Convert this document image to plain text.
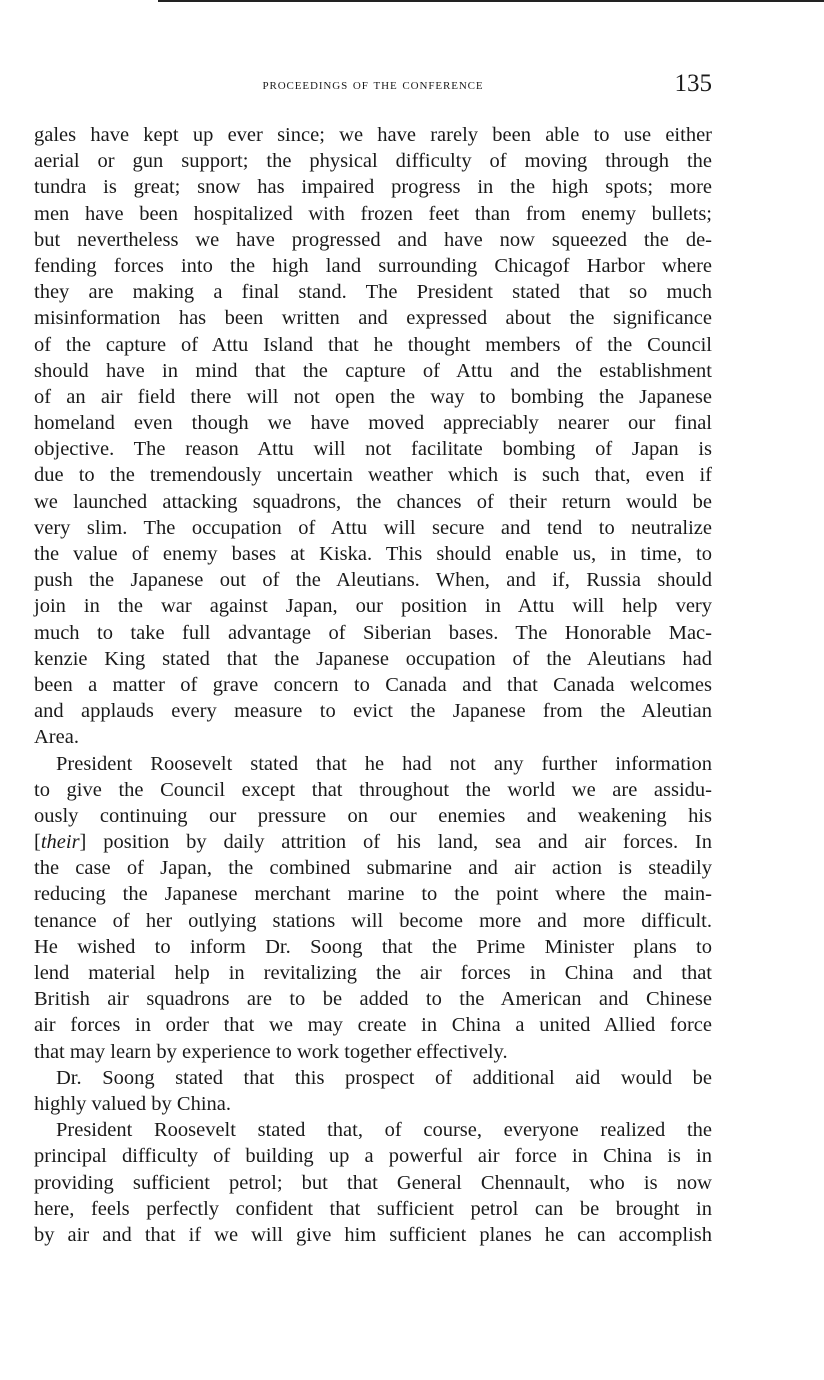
proceedings of the conference	135
gales have kept up ever since; we have rarely been able to use either
aerial or gun support; the physical difficulty of moving through the
tundra is great; snow has impaired progress in the high spots; more
men have been hospitalized with frozen feet than from enemy bullets;
but nevertheless we have progressed and have now squeezed the de-
fending forces into the high land surrounding Chicagof Harbor where
they are making a final stand. The President stated that so much
misinformation has been written and expressed about the significance
of the capture of Attu Island that he thought members of the Council
should have in mind that the capture of Attu and the establishment
of an air field there will not open the way to bombing the Japanese
homeland even though we have moved appreciably nearer our final
objective. The reason Attu will not facilitate bombing of Japan is
due to the tremendously uncertain weather which is such that, even if
we launched attacking squadrons, the chances of their return would be
very slim. The occupation of Attu will secure and tend to neutralize
the value of enemy bases at Kiska. This should enable us, in time, to
push the Japanese out of the Aleutians. When, and if, Russia should
join in the war against Japan, our position in Attu will help very
much to take full advantage of Siberian bases. The Honorable Mac-
kenzie King stated that the Japanese occupation of the Aleutians had
been a matter of grave concern to Canada and that Canada welcomes
and applauds every measure to evict the Japanese from the Aleutian
Area.
President Roosevelt stated that he had not any further information
to give the Council except that throughout the world we are assidu-
ously continuing our pressure on our enemies and weakening his
[their] position by daily attrition of his land, sea and air forces. In
the case of Japan, the combined submarine and air action is steadily
reducing the Japanese merchant marine to the point where the main-
tenance of her outlying stations will become more and more difficult.
He wished to inform Dr. Soong that the Prime Minister plans to
lend material help in revitalizing the air forces in China and that
British air squadrons are to be added to the American and Chinese
air forces in order that we may create in China a united Allied force
that may learn by experience to work together effectively.
Dr. Soong stated that this prospect of additional aid would be
highly valued by China.
President Roosevelt stated that, of course, everyone realized the
principal difficulty of building up a powerful air force in China is in
providing sufficient petrol; but that General Chennault, who is now
here, feels perfectly confident that sufficient petrol can be brought in
by air and that if we will give him sufficient planes he can accomplish
